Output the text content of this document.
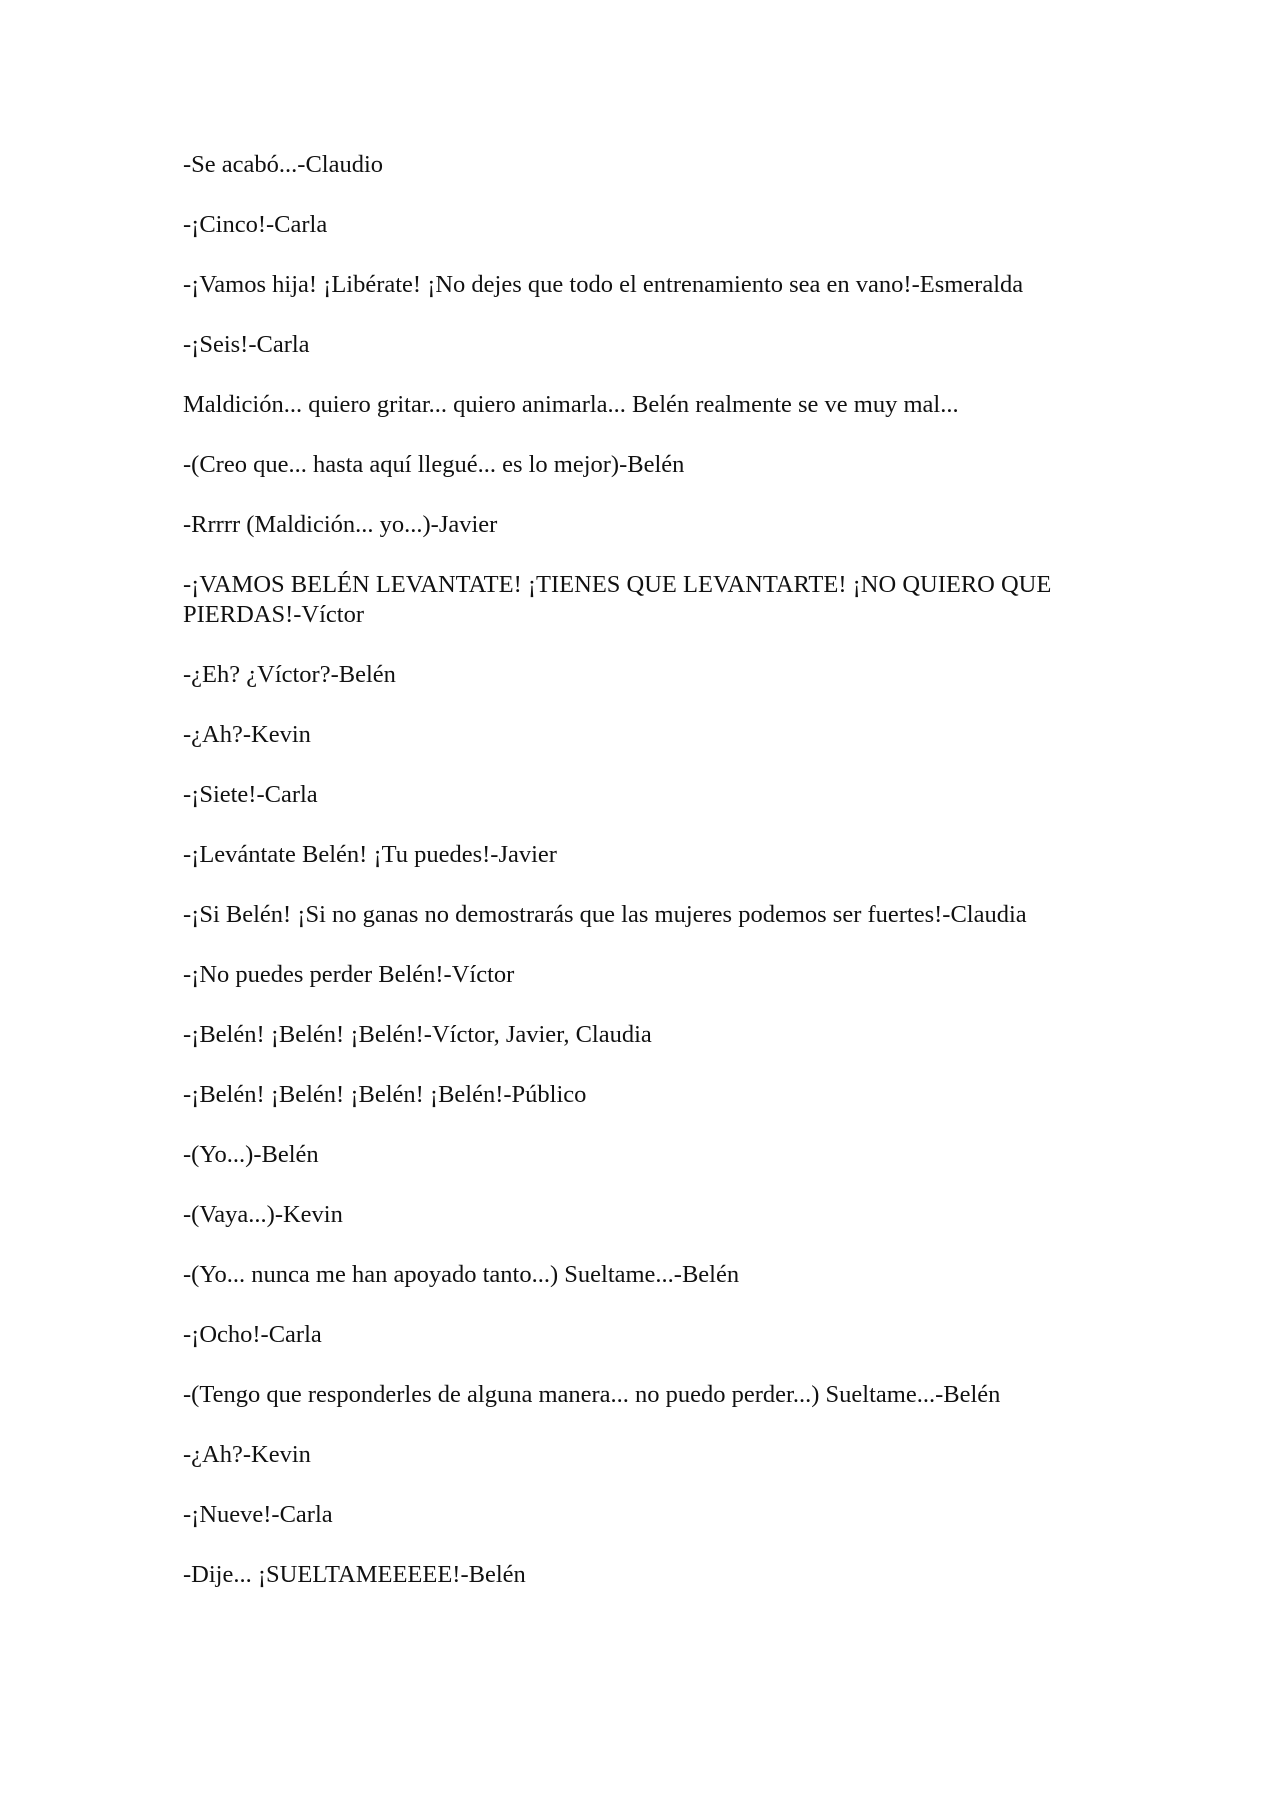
-Se acabó...-Claudio

-¡Cinco!-Carla

-¡Vamos hija! ¡Libérate! ¡No dejes que todo el entrenamiento sea en vano!-Esmeralda

-¡Seis!-Carla

Maldición... quiero gritar... quiero animarla... Belén realmente se ve muy mal...

-(Creo que... hasta aquí llegué... es lo mejor)-Belén

-Rrrrr (Maldición... yo...)-Javier

-¡VAMOS BELÉN LEVANTATE! ¡TIENES QUE LEVANTARTE! ¡NO QUIERO QUE PIERDAS!-Víctor

-¿Eh? ¿Víctor?-Belén

-¿Ah?-Kevin

-¡Siete!-Carla

-¡Levántate Belén! ¡Tu puedes!-Javier

-¡Si Belén! ¡Si no ganas no demostrarás que las mujeres podemos ser fuertes!-Claudia

-¡No puedes perder Belén!-Víctor

-¡Belén! ¡Belén! ¡Belén!-Víctor, Javier, Claudia

-¡Belén! ¡Belén! ¡Belén! ¡Belén!-Público

-(Yo...)-Belén

-(Vaya...)-Kevin

-(Yo... nunca me han apoyado tanto...) Sueltame...-Belén

-¡Ocho!-Carla

-(Tengo que responderles de alguna manera... no puedo perder...) Sueltame...-Belén

-¿Ah?-Kevin

-¡Nueve!-Carla

-Dije... ¡SUELTAMEEEEE!-Belén
